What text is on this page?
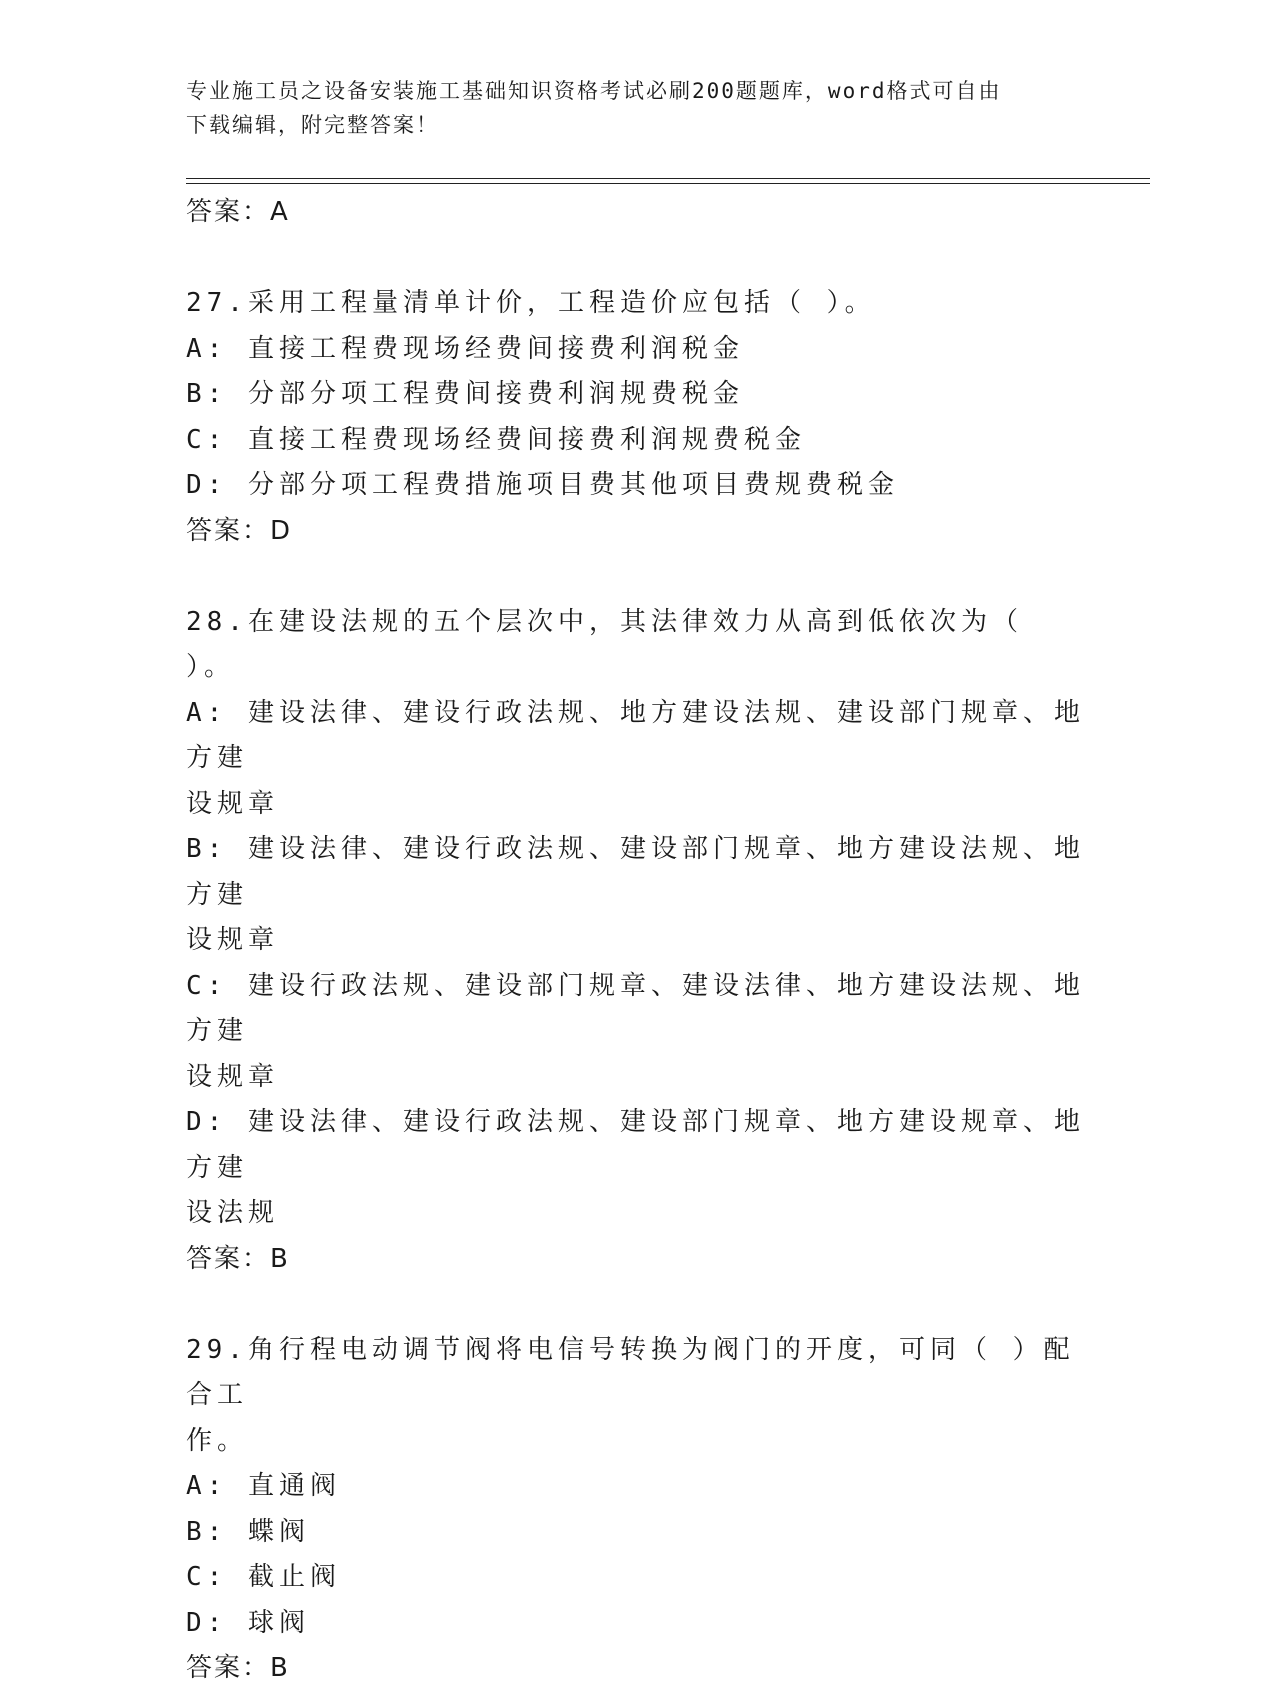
专业施工员之设备安装施工基础知识资格考试必刷200题题库，word格式可自由
下载编辑，附完整答案！
答案：A
27.采用工程量清单计价，工程造价应包括（ ）。
A: 直接工程费现场经费间接费利润税金
B: 分部分项工程费间接费利润规费税金
C: 直接工程费现场经费间接费利润规费税金
D: 分部分项工程费措施项目费其他项目费规费税金
答案：D
28.在建设法规的五个层次中，其法律效力从高到低依次为（ ）。
A: 建设法律、建设行政法规、地方建设法规、建设部门规章、地方建
设规章
B: 建设法律、建设行政法规、建设部门规章、地方建设法规、地方建
设规章
C: 建设行政法规、建设部门规章、建设法律、地方建设法规、地方建
设规章
D: 建设法律、建设行政法规、建设部门规章、地方建设规章、地方建
设法规
答案：B
29.角行程电动调节阀将电信号转换为阀门的开度，可同（ ）配合工
作。
A: 直通阀
B: 蝶阀
C: 截止阀
D: 球阀
答案：B
